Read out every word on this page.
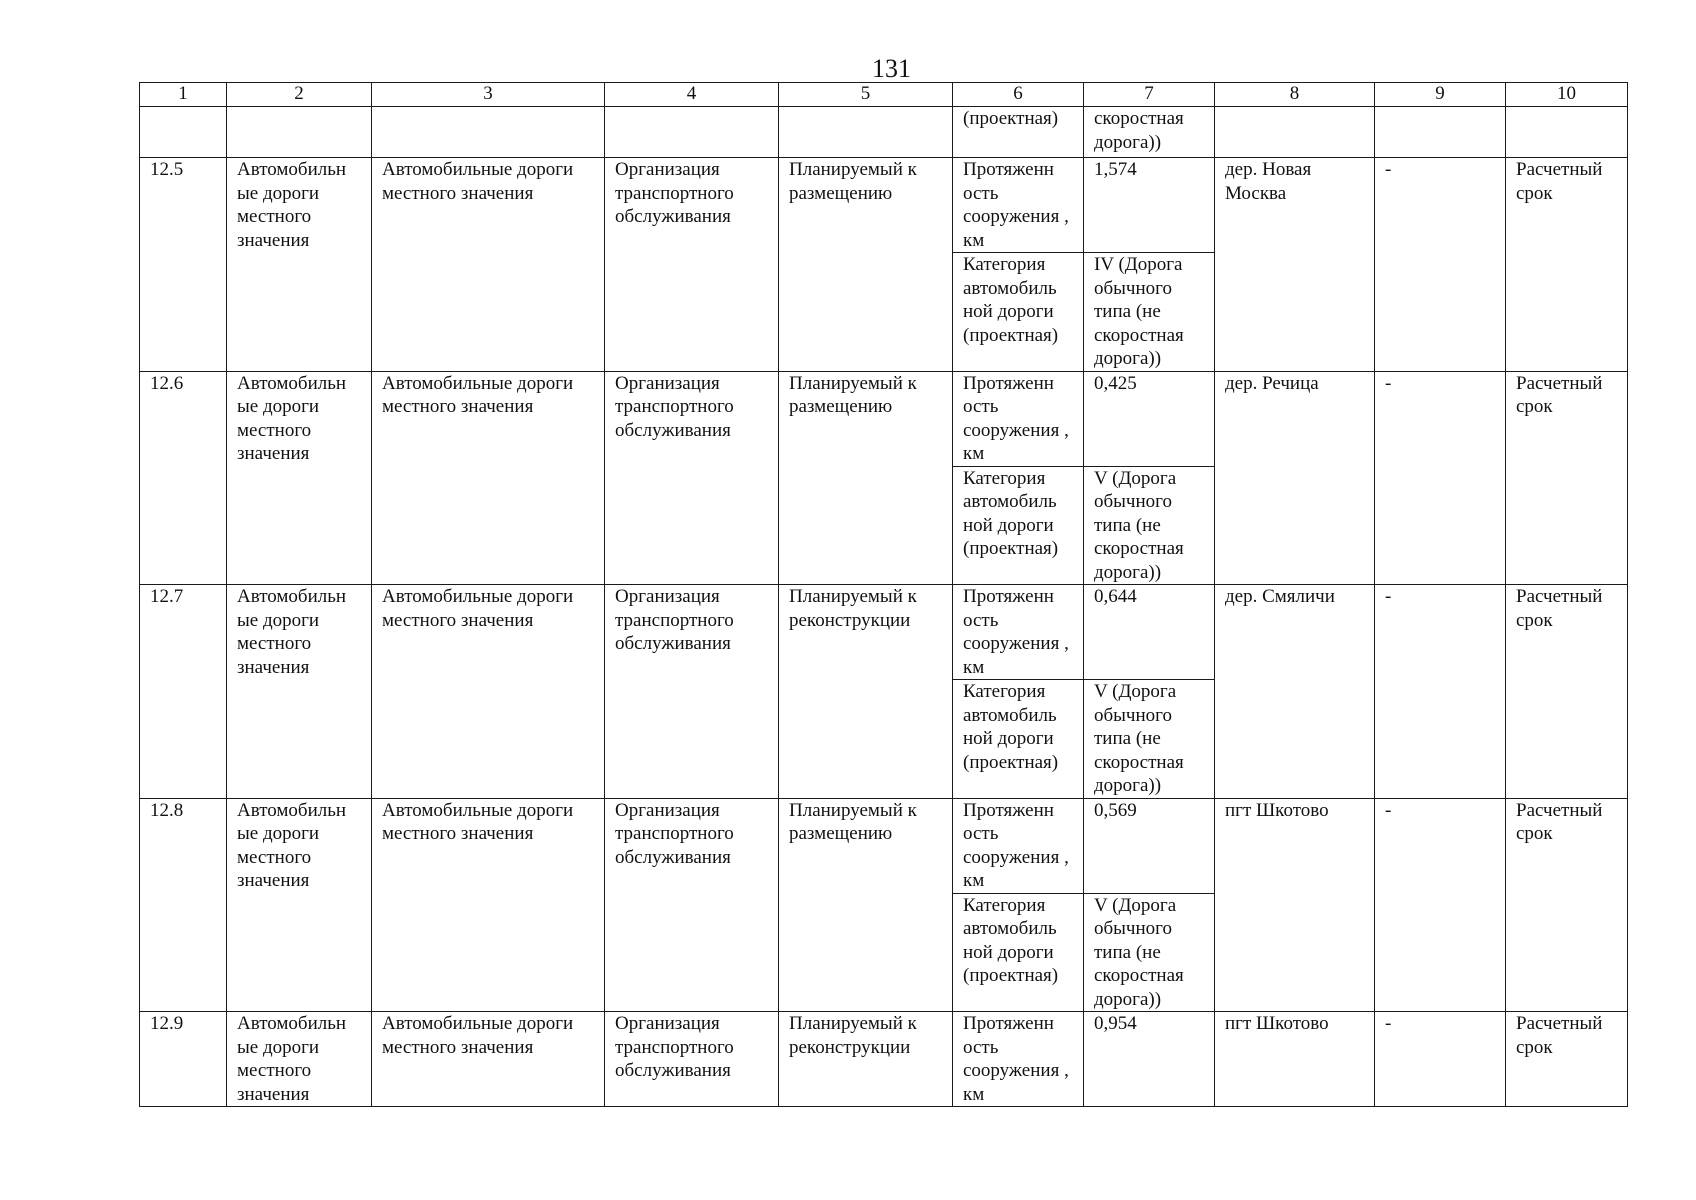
131
1	2	3	4	5	6	7	8	9	10
					(проектная)	скоростная дорога))			
12.5	Автомобильн ые дороги местного значения	Автомобильные дороги местного значения	Организация транспортного обслуживания	Планируемый к размещению	Протяженн ость сооружения , км	1,574	дер. Новая Москва	-	Расчетный срок
					Категория автомобиль ной дороги (проектная)	IV (Дорога обычного типа (не скоростная дорога))			
12.6	Автомобильн ые дороги местного значения	Автомобильные дороги местного значения	Организация транспортного обслуживания	Планируемый к размещению	Протяженн ость сооружения , км	0,425	дер. Речица	-	Расчетный срок
					Категория автомобиль ной дороги (проектная)	V (Дорога обычного типа (не скоростная дорога))			
12.7	Автомобильн ые дороги местного значения	Автомобильные дороги местного значения	Организация транспортного обслуживания	Планируемый к реконструкции	Протяженн ость сооружения , км	0,644	дер. Смяличи	-	Расчетный срок
					Категория автомобиль ной дороги (проектная)	V (Дорога обычного типа (не скоростная дорога))			
12.8	Автомобильн ые дороги местного значения	Автомобильные дороги местного значения	Организация транспортного обслуживания	Планируемый к размещению	Протяженн ость сооружения , км	0,569	пгт Шкотово	-	Расчетный срок
					Категория автомобиль ной дороги (проектная)	V (Дорога обычного типа (не скоростная дорога))			
12.9	Автомобильн ые дороги местного значения	Автомобильные дороги местного значения	Организация транспортного обслуживания	Планируемый к реконструкции	Протяженн ость сооружения , км	0,954	пгт Шкотово	-	Расчетный срок
